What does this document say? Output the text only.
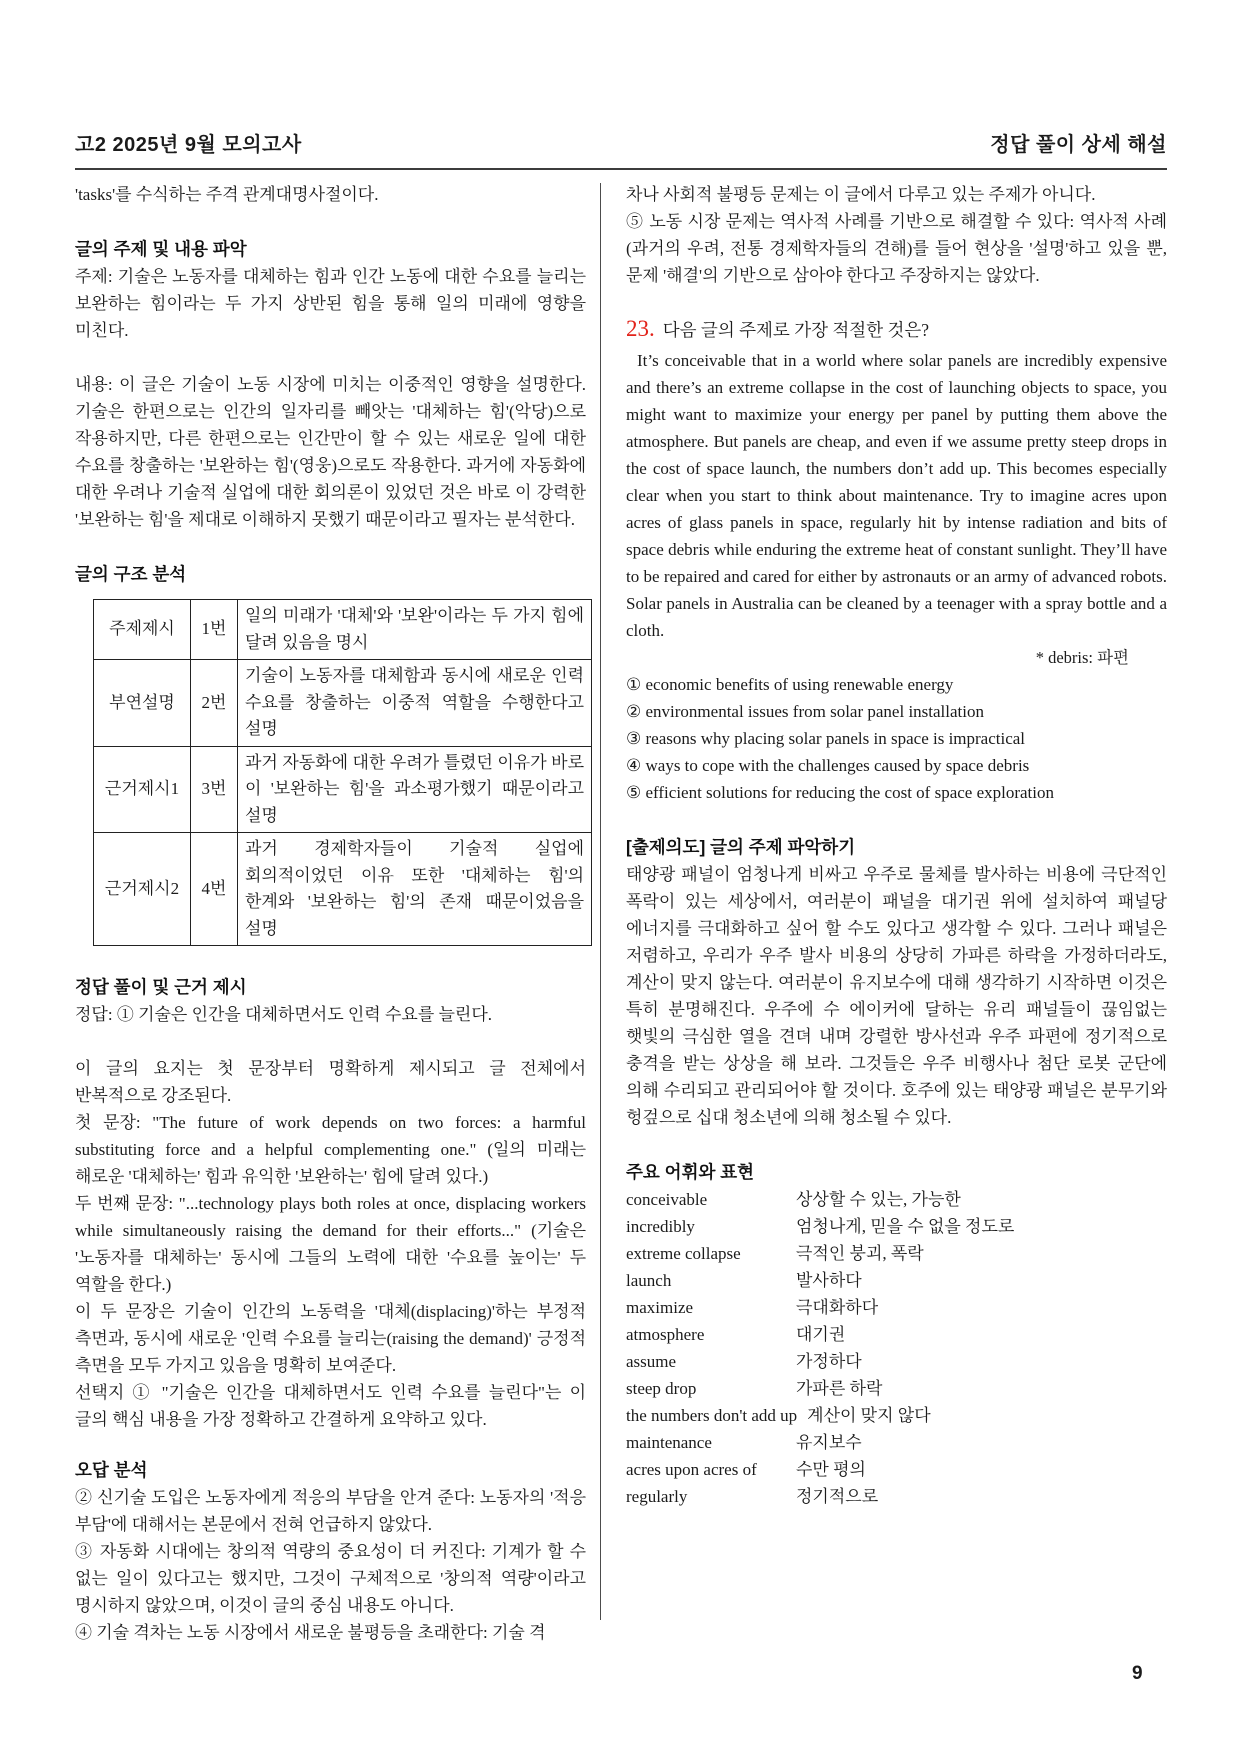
고2 2025년 9월 모의고사	정답 풀이 상세 해설

'tasks'를 수식하는 주격 관계대명사절이다.

글의 주제 및 내용 파악

주제: 기술은 노동자를 대체하는 힘과 인간 노동에 대한 수요를 늘리는 보완하는 힘이라는 두 가지 상반된 힘을 통해 일의 미래에 영향을 미친다.

내용: 이 글은 기술이 노동 시장에 미치는 이중적인 영향을 설명한다. 기술은 한편으로는 인간의 일자리를 빼앗는 '대체하는 힘'(악당)으로 작용하지만, 다른 한편으로는 인간만이 할 수 있는 새로운 일에 대한 수요를 창출하는 '보완하는 힘'(영웅)으로도 작용한다. 과거에 자동화에 대한 우려나 기술적 실업에 대한 회의론이 있었던 것은 바로 이 강력한 '보완하는 힘'을 제대로 이해하지 못했기 때문이라고 필자는 분석한다.

글의 구조 분석
주제제시	1번	일의 미래가 '대체'와 '보완'이라는 두 가지 힘에 달려 있음을 명시
부연설명	2번	기술이 노동자를 대체함과 동시에 새로운 인력 수요를 창출하는 이중적 역할을 수행한다고 설명
근거제시1	3번	과거 자동화에 대한 우려가 틀렸던 이유가 바로 이 '보완하는 힘'을 과소평가했기 때문이라고 설명
근거제시2	4번	과거 경제학자들이 기술적 실업에 회의적이었던 이유 또한 '대체하는 힘'의 한계와 '보완하는 힘'의 존재 때문이었음을 설명
정답 풀이 및 근거 제시

정답: ① 기술은 인간을 대체하면서도 인력 수요를 늘린다.

이 글의 요지는 첫 문장부터 명확하게 제시되고 글 전체에서 반복적으로 강조된다.

첫 문장: "The future of work depends on two forces: a harmful substituting force and a helpful complementing one." (일의 미래는 해로운 '대체하는' 힘과 유익한 '보완하는' 힘에 달려 있다.)

두 번째 문장: "...technology plays both roles at once, displacing workers while simultaneously raising the demand for their efforts..." (기술은 '노동자를 대체하는' 동시에 그들의 노력에 대한 '수요를 높이는' 두 역할을 한다.)

이 두 문장은 기술이 인간의 노동력을 '대체(displacing)'하는 부정적 측면과, 동시에 새로운 '인력 수요를 늘리는(raising the demand)' 긍정적 측면을 모두 가지고 있음을 명확히 보여준다.

선택지 ① "기술은 인간을 대체하면서도 인력 수요를 늘린다"는 이 글의 핵심 내용을 가장 정확하고 간결하게 요약하고 있다.

오답 분석

② 신기술 도입은 노동자에게 적응의 부담을 안겨 준다: 노동자의 '적응 부담'에 대해서는 본문에서 전혀 언급하지 않았다.

③ 자동화 시대에는 창의적 역량의 중요성이 더 커진다: 기계가 할 수 없는 일이 있다고는 했지만, 그것이 구체적으로 '창의적 역량'이라고 명시하지 않았으며, 이것이 글의 중심 내용도 아니다.

④ 기술 격차는 노동 시장에서 새로운 불평등을 초래한다: 기술 격

차나 사회적 불평등 문제는 이 글에서 다루고 있는 주제가 아니다.

⑤ 노동 시장 문제는 역사적 사례를 기반으로 해결할 수 있다: 역사적 사례(과거의 우려, 전통 경제학자들의 견해)를 들어 현상을 '설명'하고 있을 뿐, 문제 '해결'의 기반으로 삼아야 한다고 주장하지는 않았다.

23. 다음 글의 주제로 가장 적절한 것은?

It’s conceivable that in a world where solar panels are incredibly expensive and there’s an extreme collapse in the cost of launching objects to space, you might want to maximize your energy per panel by putting them above the atmosphere. But panels are cheap, and even if we assume pretty steep drops in the cost of space launch, the numbers don’t add up. This becomes especially clear when you start to think about maintenance. Try to imagine acres upon acres of glass panels in space, regularly hit by intense radiation and bits of space debris while enduring the extreme heat of constant sunlight. They’ll have to be repaired and cared for either by astronauts or an army of advanced robots. Solar panels in Australia can be cleaned by a teenager with a spray bottle and a cloth.

* debris: 파편

① economic benefits of using renewable energy

② environmental issues from solar panel installation

③ reasons why placing solar panels in space is impractical

④ ways to cope with the challenges caused by space debris

⑤ efficient solutions for reducing the cost of space exploration

[출제의도] 글의 주제 파악하기

태양광 패널이 엄청나게 비싸고 우주로 물체를 발사하는 비용에 극단적인 폭락이 있는 세상에서, 여러분이 패널을 대기권 위에 설치하여 패널당 에너지를 극대화하고 싶어 할 수도 있다고 생각할 수 있다. 그러나 패널은 저렴하고, 우리가 우주 발사 비용의 상당히 가파른 하락을 가정하더라도, 계산이 맞지 않는다. 여러분이 유지보수에 대해 생각하기 시작하면 이것은 특히 분명해진다. 우주에 수 에이커에 달하는 유리 패널들이 끊임없는 햇빛의 극심한 열을 견뎌 내며 강렬한 방사선과 우주 파편에 정기적으로 충격을 받는 상상을 해 보라. 그것들은 우주 비행사나 첨단 로봇 군단에 의해 수리되고 관리되어야 할 것이다. 호주에 있는 태양광 패널은 분무기와 헝겊으로 십대 청소년에 의해 청소될 수 있다.

주요 어휘와 표현
conceivable	상상할 수 있는, 가능한
incredibly	엄청나게, 믿을 수 없을 정도로
extreme collapse	극적인 붕괴, 폭락
launch	발사하다
maximize	극대화하다
atmosphere	대기권
assume	가정하다
steep drop	가파른 하락
the numbers don't add up 계산이 맞지 않다
maintenance	유지보수
acres upon acres of	수만 평의
regularly	정기적으로
9
